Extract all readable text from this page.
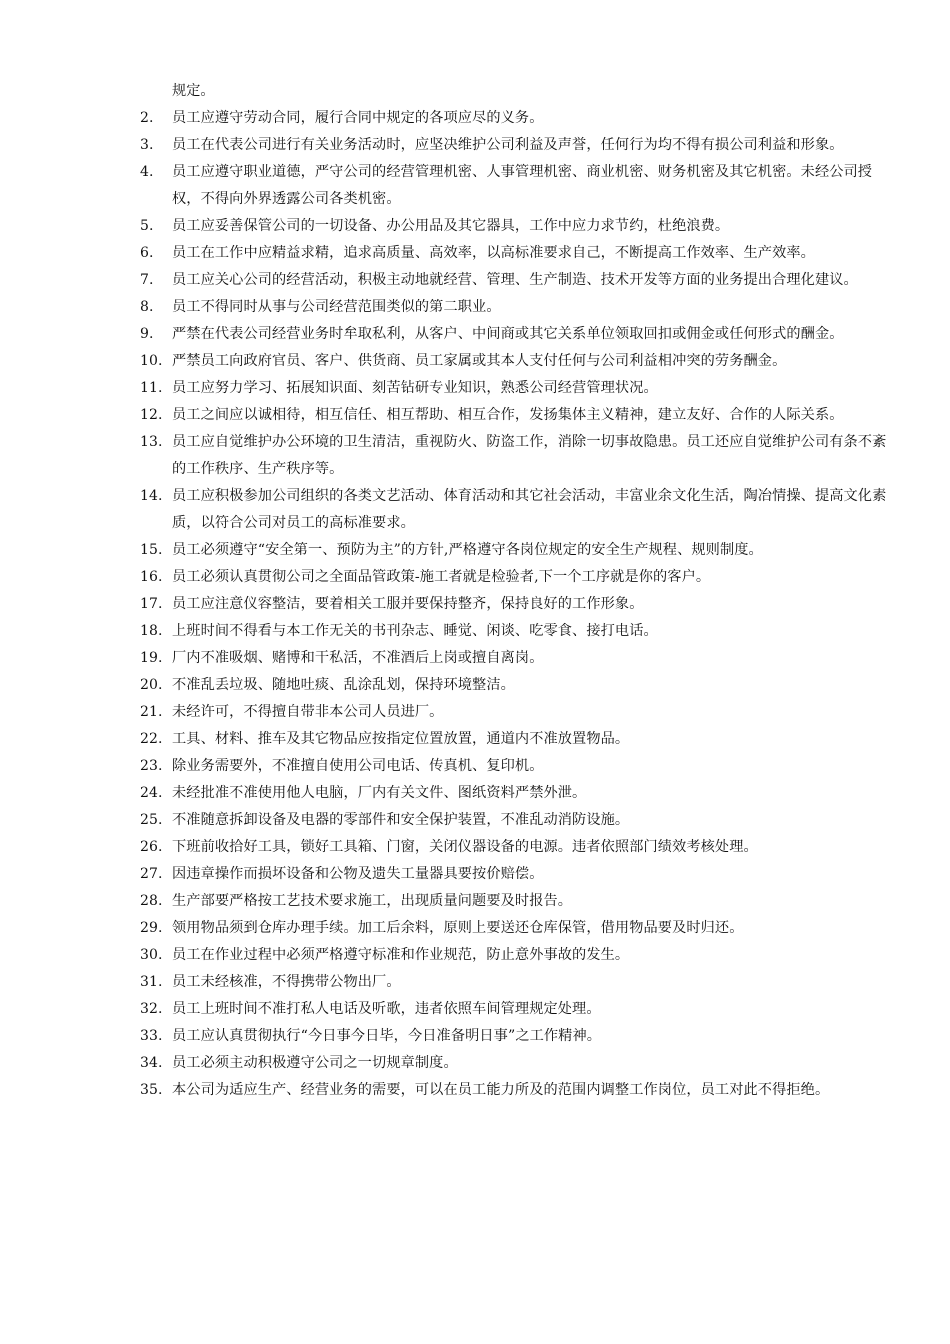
规定。
2.	员工应遵守劳动合同，履行合同中规定的各项应尽的义务。
3.	员工在代表公司进行有关业务活动时，应坚决维护公司利益及声誉，任何行为均不得有损公司利益和形象。
4.	员工应遵守职业道德，严守公司的经营管理机密、人事管理机密、商业机密、财务机密及其它机密。未经公司授权，不得向外界透露公司各类机密。
5.	员工应妥善保管公司的一切设备、办公用品及其它器具，工作中应力求节约，杜绝浪费。
6.	员工在工作中应精益求精，追求高质量、高效率，以高标准要求自己，不断提高工作效率、生产效率。
7.	员工应关心公司的经营活动，积极主动地就经营、管理、生产制造、技术开发等方面的业务提出合理化建议。
8.	员工不得同时从事与公司经营范围类似的第二职业。
9.	严禁在代表公司经营业务时牟取私利，从客户、中间商或其它关系单位领取回扣或佣金或任何形式的酬金。
10. 严禁员工向政府官员、客户、供货商、员工家属或其本人支付任何与公司利益相冲突的劳务酬金。
11. 员工应努力学习、拓展知识面、刻苦钻研专业知识，熟悉公司经营管理状况。
12. 员工之间应以诚相待，相互信任、相互帮助、相互合作，发扬集体主义精神，建立友好、合作的人际关系。
13. 员工应自觉维护办公环境的卫生清洁，重视防火、防盗工作，消除一切事故隐患。员工还应自觉维护公司有条不紊的工作秩序、生产秩序等。
14. 员工应积极参加公司组织的各类文艺活动、体育活动和其它社会活动，丰富业余文化生活，陶冶情操、提高文化素质，以符合公司对员工的高标准要求。
15. 员工必须遵守“安全第一、预防为主”的方针,严格遵守各岗位规定的安全生产规程、规则制度。
16. 员工必须认真贯彻公司之全面品管政策-施工者就是检验者,下一个工序就是你的客户。
17. 员工应注意仪容整洁，要着相关工服并要保持整齐，保持良好的工作形象。
18. 上班时间不得看与本工作无关的书刊杂志、睡觉、闲谈、吃零食、接打电话。
19. 厂内不准吸烟、赌博和干私活，不准酒后上岗或擅自离岗。
20. 不准乱丢垃圾、随地吐痰、乱涂乱划，保持环境整洁。
21. 未经许可，不得擅自带非本公司人员进厂。
22. 工具、材料、推车及其它物品应按指定位置放置，通道内不准放置物品。
23. 除业务需要外，不准擅自使用公司电话、传真机、复印机。
24. 未经批准不准使用他人电脑，厂内有关文件、图纸资料严禁外泄。
25. 不准随意拆卸设备及电器的零部件和安全保护装置，不准乱动消防设施。
26. 下班前收拾好工具，锁好工具箱、门窗，关闭仪器设备的电源。违者依照部门绩效考核处理。
27. 因违章操作而损坏设备和公物及遗失工量器具要按价赔偿。
28. 生产部要严格按工艺技术要求施工，出现质量问题要及时报告。
29. 领用物品须到仓库办理手续。加工后余料，原则上要送还仓库保管，借用物品要及时归还。
30. 员工在作业过程中必须严格遵守标准和作业规范，防止意外事故的发生。
31. 员工未经核准，不得携带公物出厂。
32. 员工上班时间不准打私人电话及听歌，违者依照车间管理规定处理。
33. 员工应认真贯彻执行“今日事今日毕，今日准备明日事”之工作精神。
34. 员工必须主动积极遵守公司之一切规章制度。
35. 本公司为适应生产、经营业务的需要，可以在员工能力所及的范围内调整工作岗位，员工对此不得拒绝。
